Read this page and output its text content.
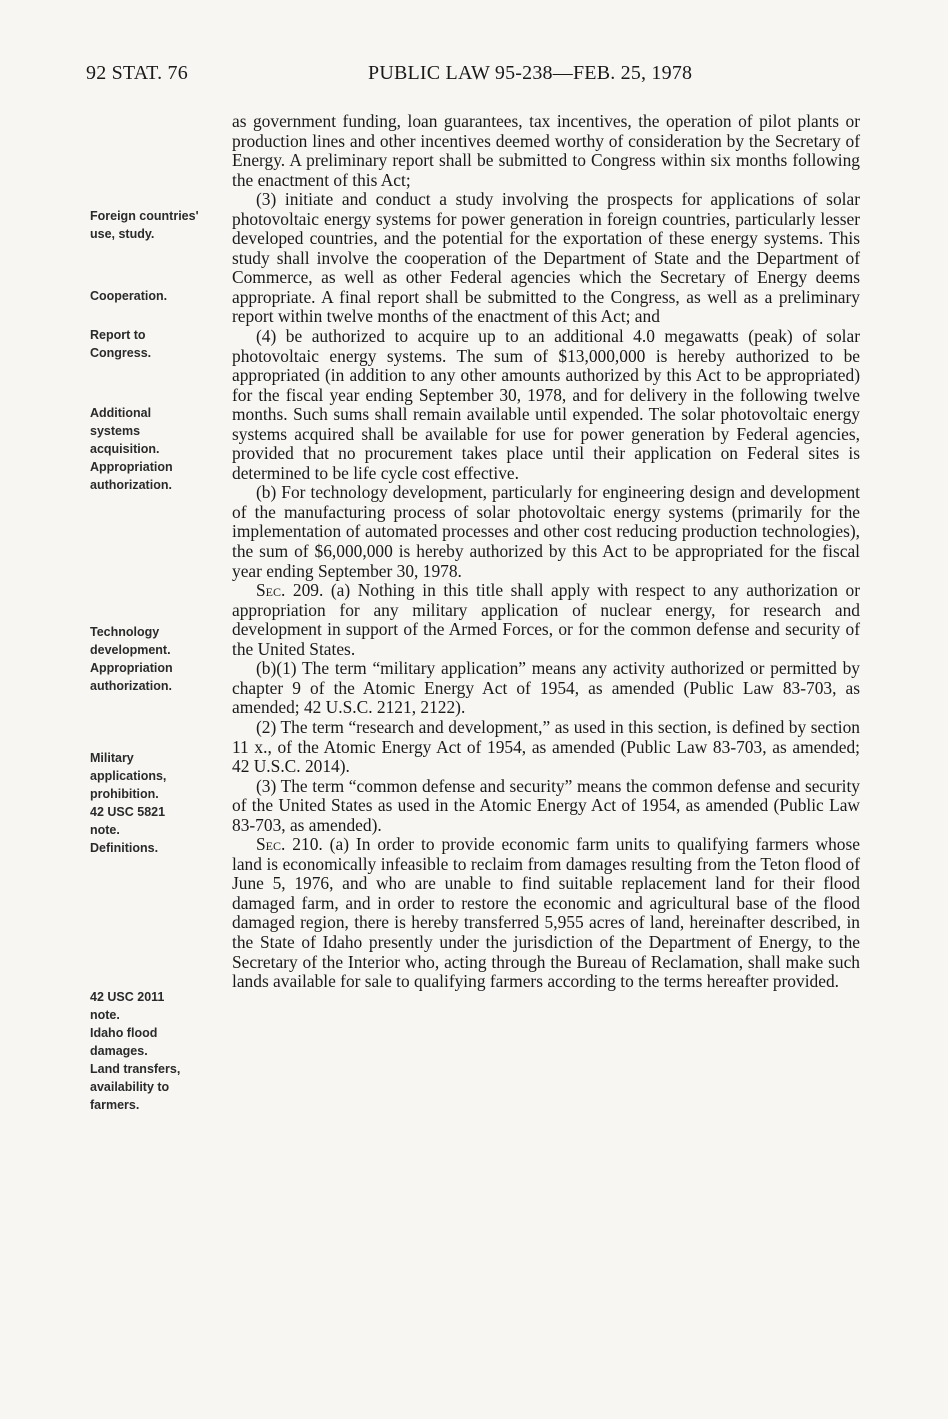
92 STAT. 76	PUBLIC LAW 95-238—FEB. 25, 1978
Foreign countries'
use, study.
Cooperation.
Report to
Congress.
Additional
systems
acquisition.
Appropriation
authorization.
Technology
development.
Appropriation
authorization.
Military
applications,
prohibition.
42 USC 5821
note.
Definitions.
42 USC 2011
note.
Idaho flood
damages.
Land transfers,
availability to
farmers.

as government funding, loan guarantees, tax incentives, the operation of pilot plants or production lines and other incentives deemed worthy of consideration by the Secretary of Energy. A preliminary report shall be submitted to Congress within six months following the enactment of this Act;

(3) initiate and conduct a study involving the prospects for applications of solar photovoltaic energy systems for power generation in foreign countries, particularly lesser developed countries, and the potential for the exportation of these energy systems. This study shall involve the cooperation of the Department of State and the Department of Commerce, as well as other Federal agencies which the Secretary of Energy deems appropriate. A final report shall be submitted to the Congress, as well as a preliminary report within twelve months of the enactment of this Act; and

(4) be authorized to acquire up to an additional 4.0 megawatts (peak) of solar photovoltaic energy systems. The sum of $13,000,000 is hereby authorized to be appropriated (in addition to any other amounts authorized by this Act to be appropriated) for the fiscal year ending September 30, 1978, and for delivery in the following twelve months. Such sums shall remain available until expended. The solar photovoltaic energy systems acquired shall be available for use for power generation by Federal agencies, provided that no procurement takes place until their application on Federal sites is determined to be life cycle cost effective.

(b) For technology development, particularly for engineering design and development of the manufacturing process of solar photovoltaic energy systems (primarily for the implementation of automated processes and other cost reducing production technologies), the sum of $6,000,000 is hereby authorized by this Act to be appropriated for the fiscal year ending September 30, 1978.

Sec. 209. (a) Nothing in this title shall apply with respect to any authorization or appropriation for any military application of nuclear energy, for research and development in support of the Armed Forces, or for the common defense and security of the United States.

(b)(1) The term “military application” means any activity authorized or permitted by chapter 9 of the Atomic Energy Act of 1954, as amended (Public Law 83-703, as amended; 42 U.S.C. 2121, 2122).

(2) The term “research and development,” as used in this section, is defined by section 11 x., of the Atomic Energy Act of 1954, as amended (Public Law 83-703, as amended; 42 U.S.C. 2014).

(3) The term “common defense and security” means the common defense and security of the United States as used in the Atomic Energy Act of 1954, as amended (Public Law 83-703, as amended).

Sec. 210. (a) In order to provide economic farm units to qualifying farmers whose land is economically infeasible to reclaim from damages resulting from the Teton flood of June 5, 1976, and who are unable to find suitable replacement land for their flood damaged farm, and in order to restore the economic and agricultural base of the flood damaged region, there is hereby transferred 5,955 acres of land, hereinafter described, in the State of Idaho presently under the jurisdiction of the Department of Energy, to the Secretary of the Interior who, acting through the Bureau of Reclamation, shall make such lands available for sale to qualifying farmers according to the terms hereafter provided.
